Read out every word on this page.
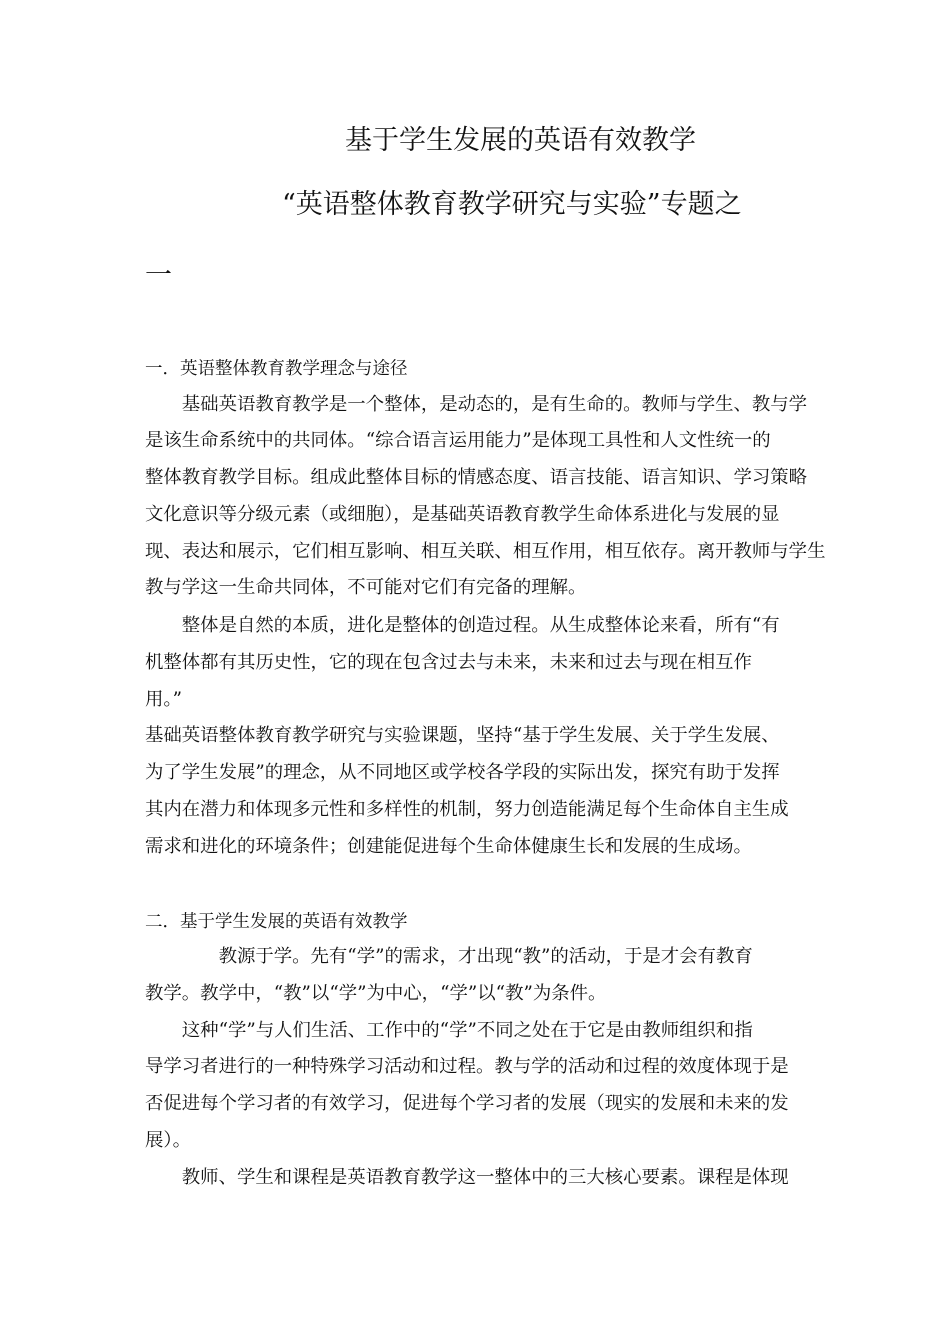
基于学生发展的英语有效教学

“英语整体教育教学研究与实验”专题之

一

一．英语整体教育教学理念与途径

　　基础英语教育教学是一个整体，是动态的，是有生命的。教师与学生、教与学

是该生命系统中的共同体。“综合语言运用能力”是体现工具性和人文性统一的

整体教育教学目标。组成此整体目标的情感态度、语言技能、语言知识、学习策略

文化意识等分级元素（或细胞），是基础英语教育教学生命体系进化与发展的显

现、表达和展示，它们相互影响、相互关联、相互作用，相互依存。离开教师与学生

教与学这一生命共同体，不可能对它们有完备的理解。

　　整体是自然的本质，进化是整体的创造过程。从生成整体论来看，所有“有

机整体都有其历史性，它的现在包含过去与未来，未来和过去与现在相互作

用。”

基础英语整体教育教学研究与实验课题，坚持“基于学生发展、关于学生发展、

为了学生发展”的理念，从不同地区或学校各学段的实际出发，探究有助于发挥

其内在潜力和体现多元性和多样性的机制，努力创造能满足每个生命体自主生成

需求和进化的环境条件；创建能促进每个生命体健康生长和发展的生成场。

二．基于学生发展的英语有效教学

　　　　教源于学。先有“学”的需求，才出现“教”的活动，于是才会有教育

教学。教学中，“教”以“学”为中心，“学”以“教”为条件。

　　这种“学”与人们生活、工作中的“学”不同之处在于它是由教师组织和指

导学习者进行的一种特殊学习活动和过程。教与学的活动和过程的效度体现于是

否促进每个学习者的有效学习，促进每个学习者的发展（现实的发展和未来的发

展）。

　　教师、学生和课程是英语教育教学这一整体中的三大核心要素。课程是体现
